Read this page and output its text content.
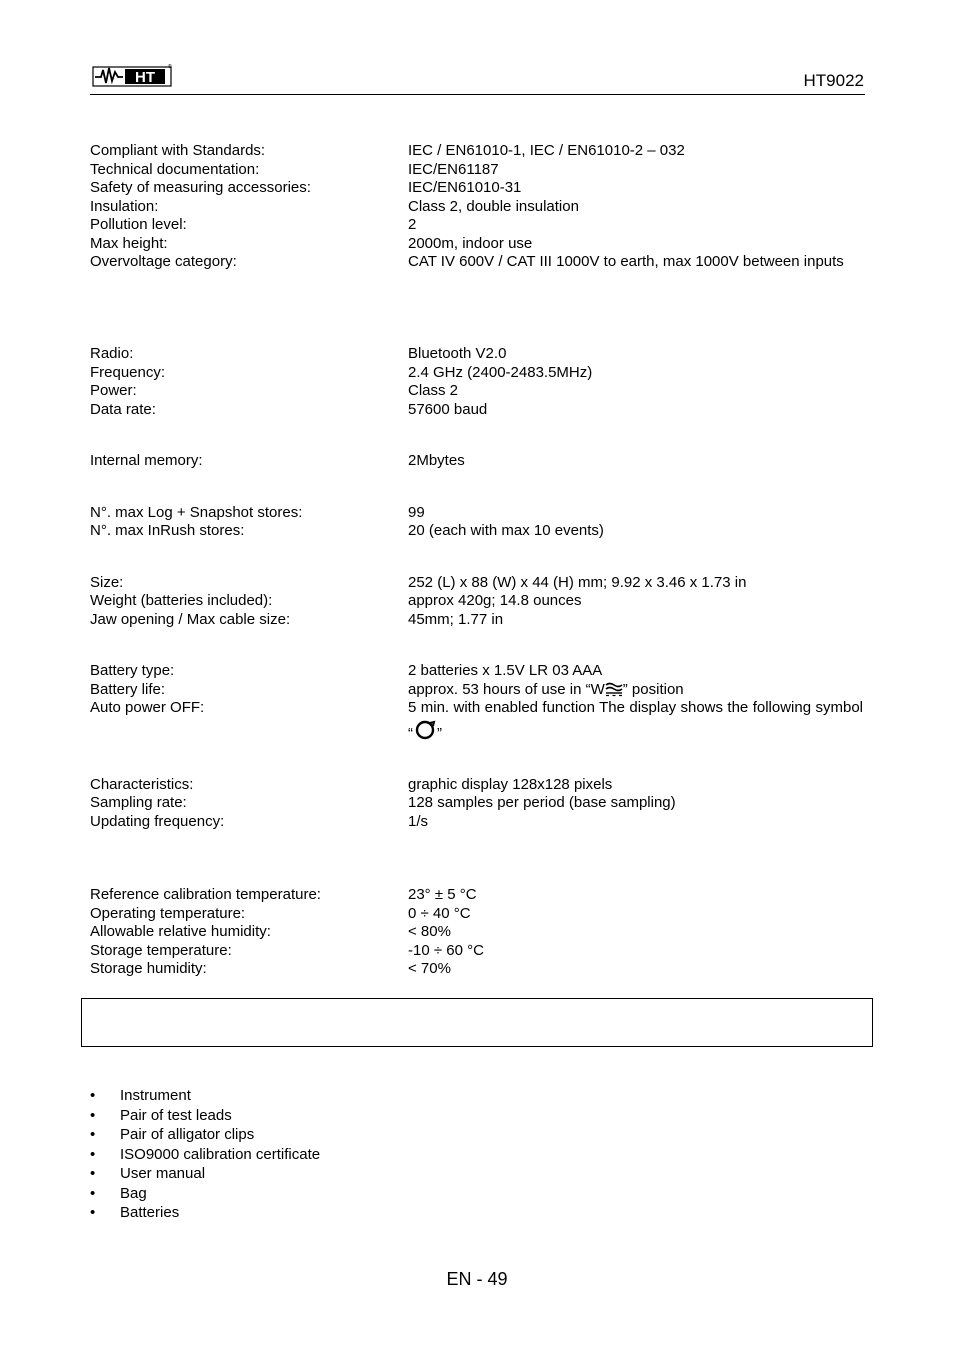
HT
®
HT9022
Compliant with Standards:	IEC / EN61010-1, IEC / EN61010-2 – 032
Technical documentation:	IEC/EN61187
Safety of measuring accessories:	IEC/EN61010-31
Insulation:	Class 2, double insulation
Pollution level:	2
Max height:	2000m, indoor use
Overvoltage category:	CAT IV 600V / CAT III 1000V to earth, max 1000V between inputs
Radio:	Bluetooth V2.0
Frequency:	2.4 GHz (2400-2483.5MHz)
Power:	Class 2
Data rate:	57600 baud
Internal memory:	2Mbytes
N°. max Log + Snapshot stores:	99
N°. max InRush stores:	20 (each with max 10 events)
Size:	252 (L) x 88 (W) x 44 (H) mm; 9.92 x 3.46 x 1.73 in
Weight (batteries included):	approx 420g; 14.8 ounces
Jaw opening / Max cable size:	45mm; 1.77 in
Battery type:	2 batteries x 1.5V LR 03 AAA
Battery life:	approx. 53 hours of use in “W ” position
Auto power OFF:	5 min. with enabled function The display shows the following symbol “ ”
Characteristics:	graphic display 128x128 pixels
Sampling rate:	128 samples per period (base sampling)
Updating frequency:	1/s
Reference calibration temperature:	23° ± 5 °C
Operating temperature:	0 ÷ 40 °C
Allowable relative humidity:	< 80%
Storage temperature:	-10 ÷ 60 °C
Storage humidity:	< 70%
• Instrument
• Pair of test leads
• Pair of alligator clips
• ISO9000 calibration certificate
• User manual
• Bag
• Batteries
EN - 49
